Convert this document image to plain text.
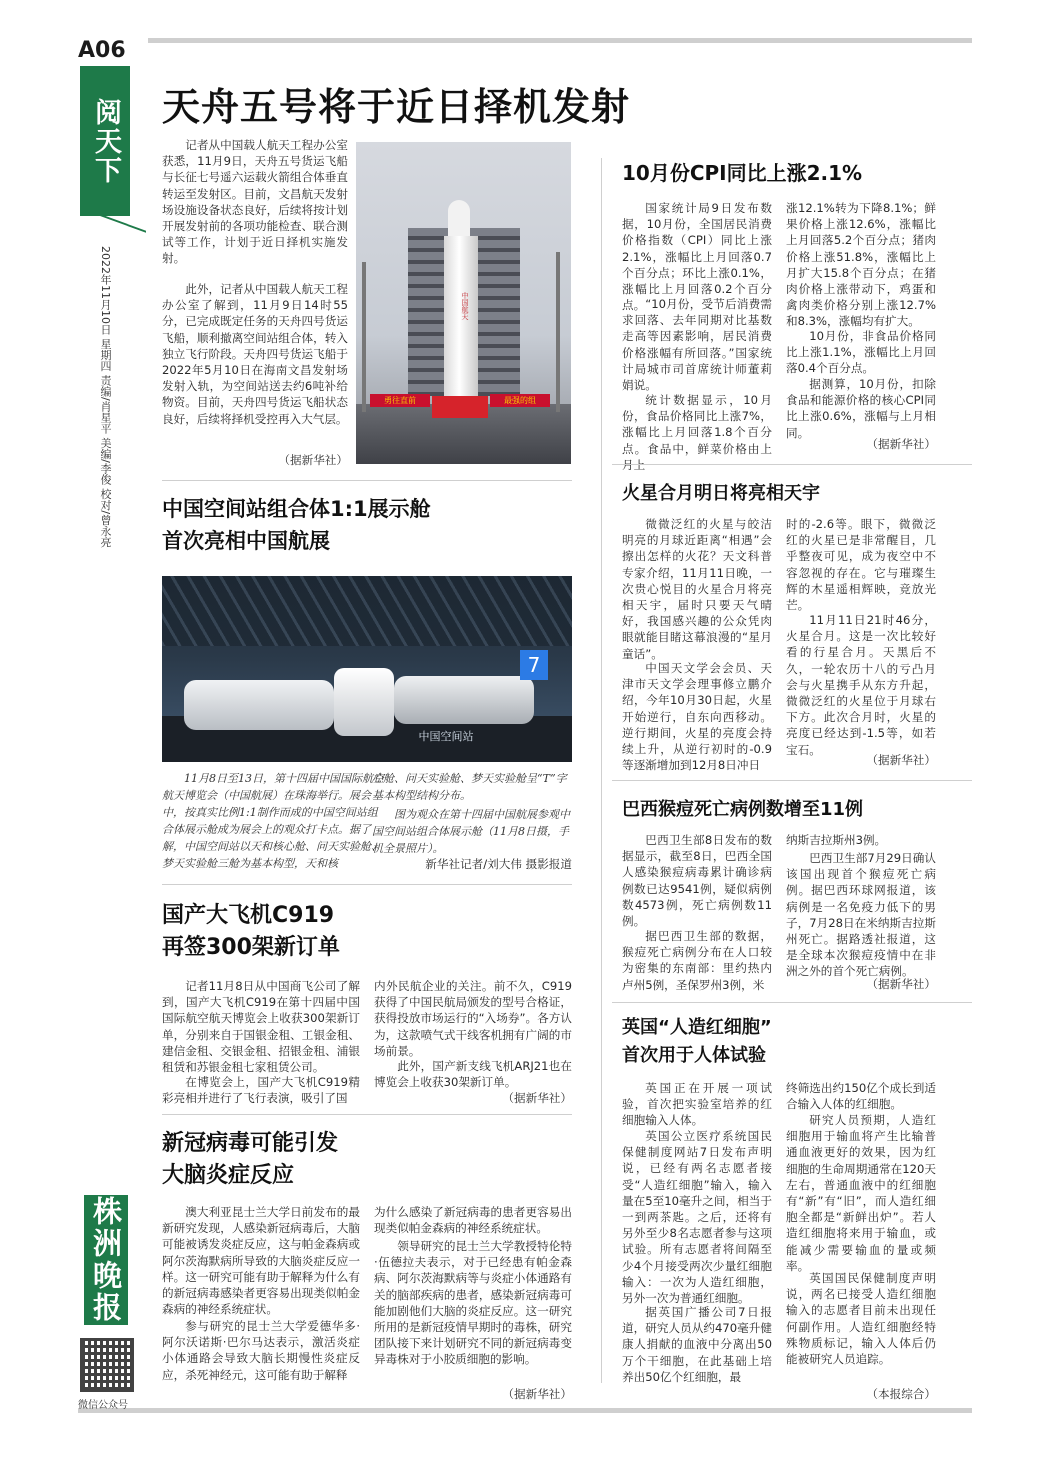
A06
阅天下
2022年11月10日 星期四 责编/肖星平 美编/李俊 校对/曾永亮
株洲晚报
微信公众号
天舟五号将于近日择机发射
记者从中国载人航天工程办公室获悉，11月9日，天舟五号货运飞船与长征七号遥六运载火箭组合体垂直转运至发射区。目前，文昌航天发射场设施设备状态良好，后续将按计划开展发射前的各项功能检查、联合测试等工作，计划于近日择机实施发射。
此外，记者从中国载人航天工程办公室了解到，11月9日14时55分，已完成既定任务的天舟四号货运飞船，顺利撤离空间站组合体，转入独立飞行阶段。天舟四号货运飞船于2022年5月10日在海南文昌发射场发射入轨，为空间站送去约6吨补给物资。目前，天舟四号货运飞船状态良好，后续将择机受控再入大气层。
（据新华社）
中国航天
勇往直前	最强的组
中国空间站组合体1:1展示舱
首次亮相中国航展
7
中国空间站
11月8日至13日，第十四届中国国际航空航天博览会（中国航展）在珠海举行。展会中，按真实比例1:1制作而成的中国空间站组合体展示舱成为展会上的观众打卡点。据了解，中国空间站以天和核心舱、问天实验舱、梦天实验舱三舱为基本构型，天和核
心舱、问天实验舱、梦天实验舱呈“T”字基本构型结构分布。
图为观众在第十四届中国航展参观中国空间站组合体展示舱（11月8日摄，手机全景照片）。
新华社记者/刘大伟 摄影报道
国产大飞机C919
再签300架新订单
记者11月8日从中国商飞公司了解到，国产大飞机C919在第十四届中国国际航空航天博览会上收获300架新订单，分别来自于国银金租、工银金租、建信金租、交银金租、招银金租、浦银租赁和苏银金租七家租赁公司。
在博览会上，国产大飞机C919精彩亮相并进行了飞行表演，吸引了国
内外民航企业的关注。前不久，C919获得了中国民航局颁发的型号合格证，获得投放市场运行的“入场券”。各方认为，这款喷气式干线客机拥有广阔的市场前景。
此外，国产新支线飞机ARJ21也在博览会上收获30架新订单。
（据新华社）
新冠病毒可能引发
大脑炎症反应
澳大利亚昆士兰大学日前发布的最新研究发现，人感染新冠病毒后，大脑可能被诱发炎症反应，这与帕金森病或阿尔茨海默病所导致的大脑炎症反应一样。这一研究可能有助于解释为什么有的新冠病毒感染者更容易出现类似帕金森病的神经系统症状。
参与研究的昆士兰大学爱德华多·阿尔沃诺斯·巴尔马达表示，激活炎症小体通路会导致大脑长期慢性炎症反应，杀死神经元，这可能有助于解释
为什么感染了新冠病毒的患者更容易出现类似帕金森病的神经系统症状。
领导研究的昆士兰大学教授特伦特·伍德拉夫表示，对于已经患有帕金森病、阿尔茨海默病等与炎症小体通路有关的脑部疾病的患者，感染新冠病毒可能加剧他们大脑的炎症反应。这一研究所用的是新冠疫情早期时的毒株，研究团队接下来计划研究不同的新冠病毒变异毒株对于小胶质细胞的影响。
（据新华社）
10月份CPI同比上涨2.1%
国家统计局9日发布数据，10月份，全国居民消费价格指数（CPI）同比上涨2.1%，涨幅比上月回落0.7个百分点；环比上涨0.1%，涨幅比上月回落0.2个百分点。 “10月份，受节后消费需求回落、去年同期对比基数走高等因素影响，居民消费价格涨幅有所回落。”国家统计局城市司首席统计师董莉娟说。
统计数据显示，10月份，食品价格同比上涨7%，涨幅比上月回落1.8个百分点。食品中，鲜菜价格由上
涨12.1%转为下降8.1%；鲜果价格上涨12.6%，涨幅比上月回落5.2个百分点；猪肉价格上涨51.8%，涨幅比上月扩大15.8个百分点；在猪肉价格上涨带动下，鸡蛋和禽肉类价格分别上涨12.7%和8.3%，涨幅均有扩大。
10月份，非食品价格同比上涨1.1%，涨幅比上月回落0.4个百分点。
据测算，10月份，扣除食品和能源价格的核心CPI同比上涨0.6%，涨幅与上月相同。
（据新华社）
火星合月明日将亮相天宇
微微泛红的火星与皎洁明亮的月球近距离“相遇”会擦出怎样的火花？天文科普专家介绍，11月11日晚，一次贵心悦目的火星合月将亮相天宇，届时只要天气晴好，我国感兴趣的公众凭肉眼就能目睹这幕浪漫的“星月童话”。
中国天文学会会员、天津市天文学会理事修立鹏介绍，今年10月30日起，火星开始逆行，自东向西移动。逆行期间，火星的亮度会持续上升，从逆行初时的-0.9等逐渐增加到12月8日冲日
时的-2.6等。眼下，微微泛红的火星已是非常醒目，几乎整夜可见，成为夜空中不容忽视的存在。它与璀璨生辉的木星遥相辉映，竞放光芒。
11月11日21时46分，火星合月。这是一次比较好看的行星合月。天黑后不久，一轮农历十八的亏凸月会与火星携手从东方升起，微微泛红的火星位于月球右下方。此次合月时，火星的亮度已经达到-1.5等，如若宝石。
（据新华社）
巴西猴痘死亡病例数增至11例
巴西卫生部8日发布的数据显示，截至8日，巴西全国人感染猴痘病毒累计确诊病例数已达9541例，疑似病例数4573例，死亡病例数11例。
据巴西卫生部的数据，猴痘死亡病例分布在人口较为密集的东南部：里约热内卢州5例，圣保罗州3例，米
纳斯吉拉斯州3例。
巴西卫生部7月29日确认该国出现首个猴痘死亡病例。据巴西环球网报道，该病例是一名免疫力低下的男子，7月28日在米纳斯吉拉斯州死亡。据路透社报道，这是全球本次猴痘疫情中在非洲之外的首个死亡病例。
（据新华社）
英国“人造红细胞”
首次用于人体试验
英国正在开展一项试验，首次把实验室培养的红细胞输入人体。
英国公立医疗系统国民保健制度网站7日发布声明说，已经有两名志愿者接受“人造红细胞”输入，输入量在5至10毫升之间，相当于一到两茶匙。之后，还将有另外至少8名志愿者参与这项试验。所有志愿者将间隔至少4个月接受两次少量红细胞输入：一次为人造红细胞，另外一次为普通红细胞。
据英国广播公司7日报道，研究人员从约470毫升健康人捐献的血液中分离出50万个干细胞，在此基础上培养出50亿个红细胞，最
终筛选出约150亿个成长到适合输入人体的红细胞。
研究人员预期，人造红细胞用于输血将产生比输普通血液更好的效果，因为红细胞的生命周期通常在120天左右，普通血液中的红细胞有“新”有“旧”，而人造红细胞全都是“新鲜出炉”。若人造红细胞将来用于输血，或能减少需要输血的量或频率。
英国国民保健制度声明说，两名已接受人造红细胞输入的志愿者目前未出现任何副作用。人造红细胞经特殊物质标记，输入人体后仍能被研究人员追踪。
（本报综合）
